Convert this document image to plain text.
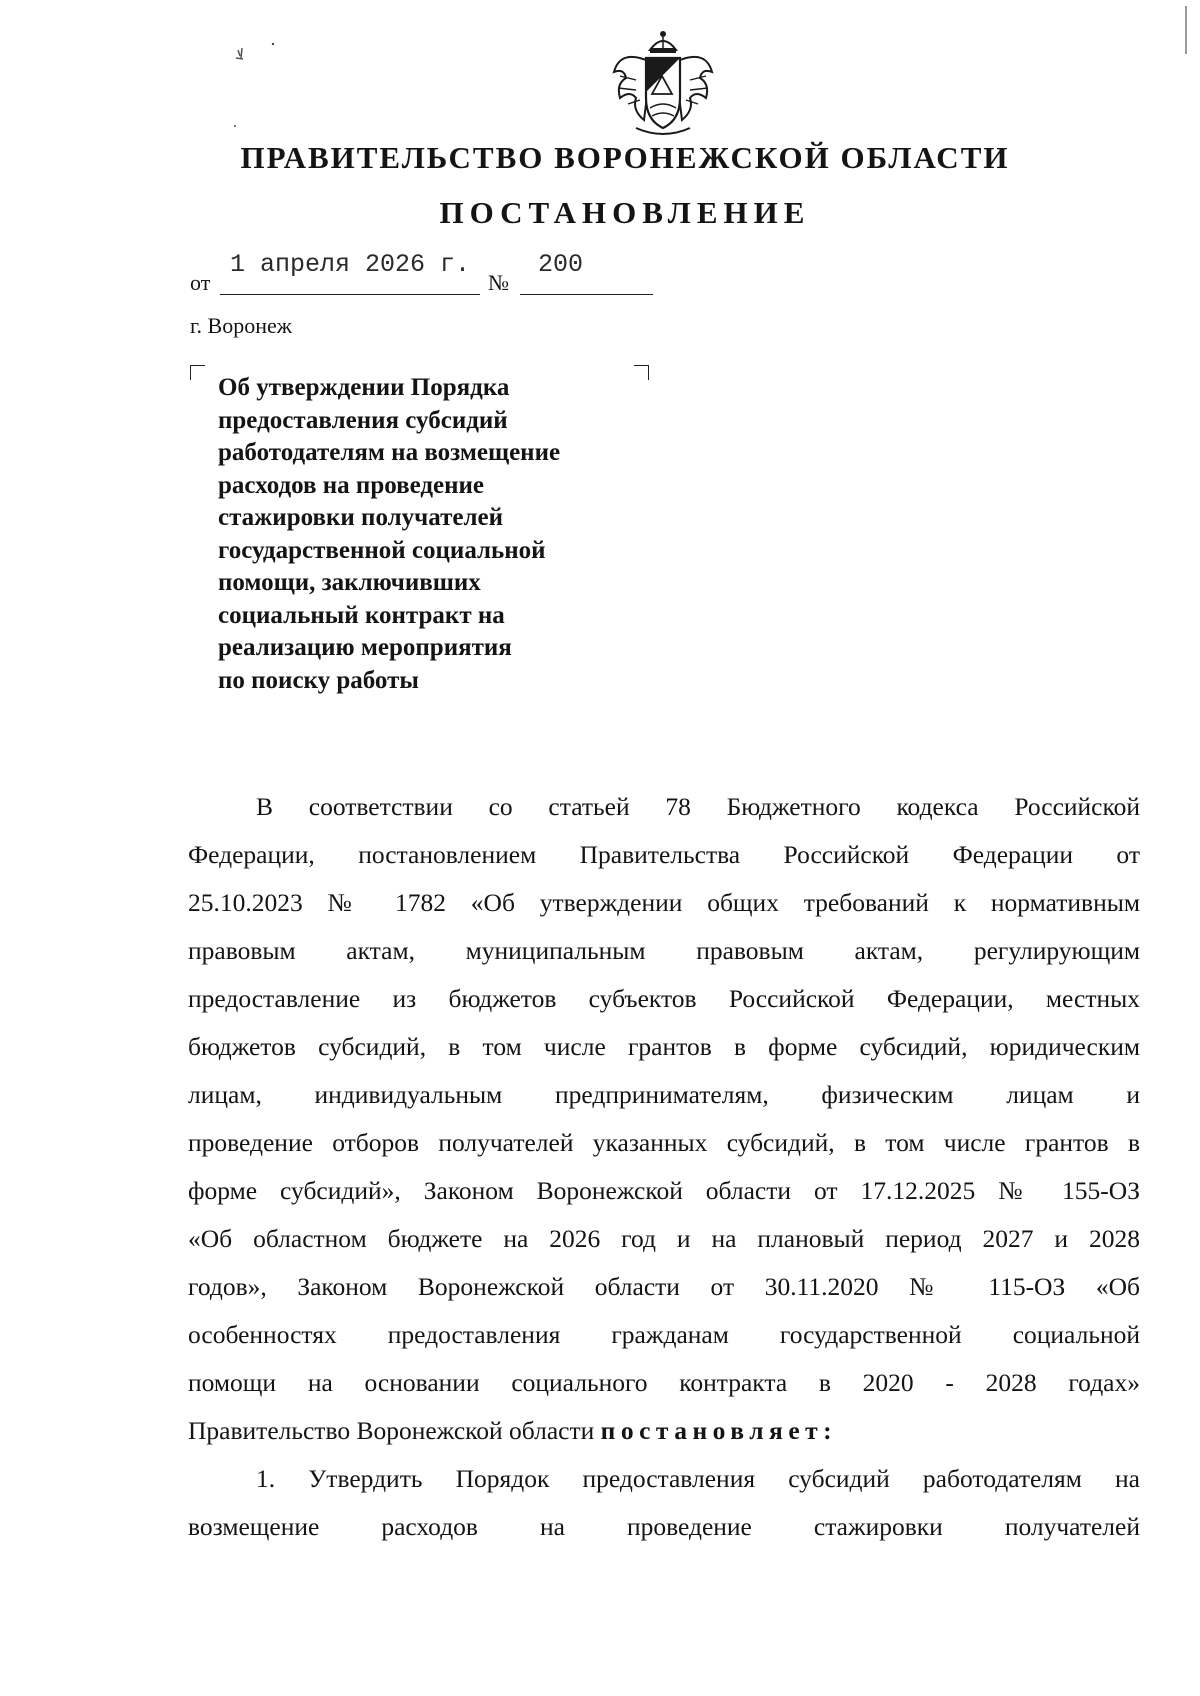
ПРАВИТЕЛЬСТВО ВОРОНЕЖСКОЙ ОБЛАСТИ
ПОСТАНОВЛЕНИЕ
от
1 апреля 2026 г.
№
200
г. Воронеж
Об утверждении Порядка
предоставления субсидий
работодателям на возмещение
расходов на проведение
стажировки получателей
государственной социальной
помощи, заключивших
социальный контракт на
реализацию мероприятия
по поиску работы
В соответствии со статьей 78 Бюджетного кодекса Российской
Федерации, постановлением Правительства Российской Федерации от
25.10.2023 № 1782 «Об утверждении общих требований к нормативным
правовым актам, муниципальным правовым актам, регулирующим
предоставление из бюджетов субъектов Российской Федерации, местных
бюджетов субсидий, в том числе грантов в форме субсидий, юридическим
лицам, индивидуальным предпринимателям, физическим лицам и
проведение отборов получателей указанных субсидий, в том числе грантов в
форме субсидий», Законом Воронежской области от 17.12.2025 № 155-ОЗ
«Об областном бюджете на 2026 год и на плановый период 2027 и 2028
годов», Законом Воронежской области от 30.11.2020 № 115-ОЗ «Об
особенностях предоставления гражданам государственной социальной
помощи на основании социального контракта в 2020 - 2028 годах»
Правительство Воронежской области постановляет:
1. Утвердить Порядок предоставления субсидий работодателям на
возмещение расходов на проведение стажировки получателей
